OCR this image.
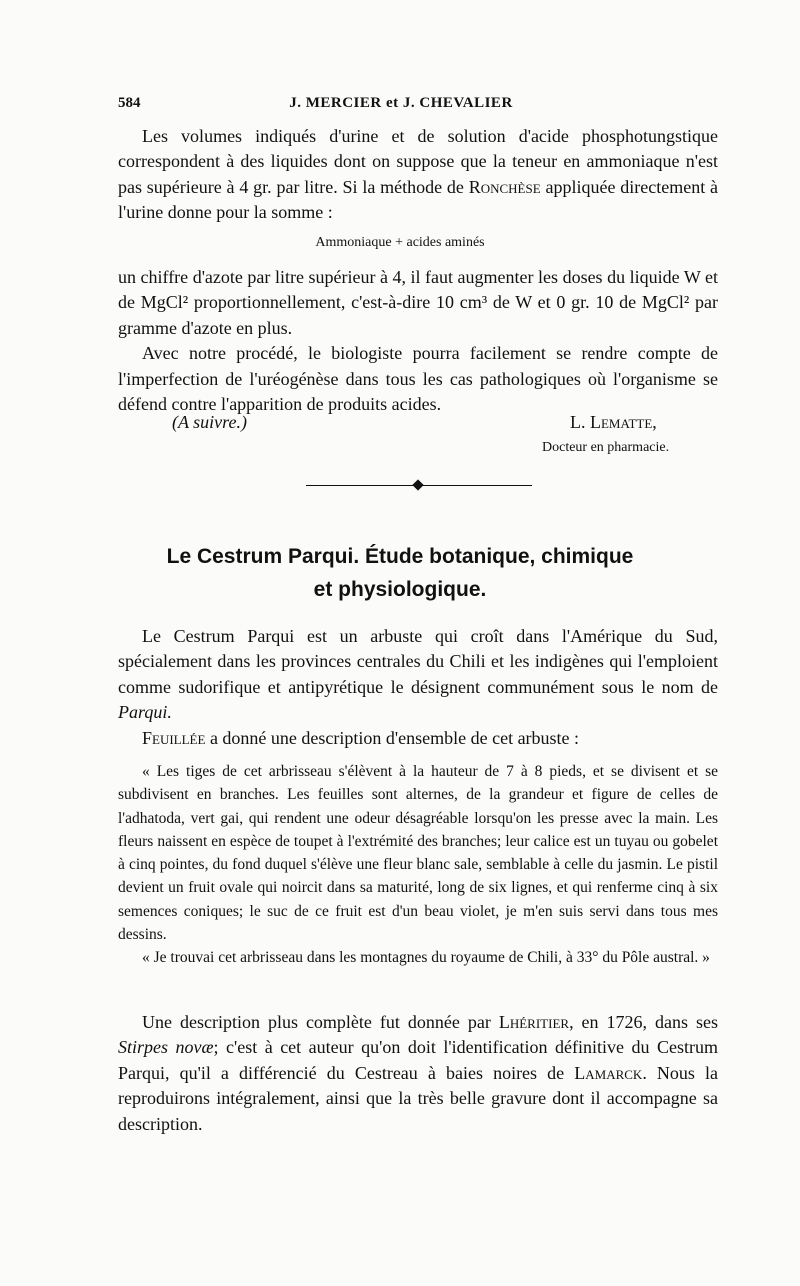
584	J. MERCIER et J. CHEVALIER

Les volumes indiqués d'urine et de solution d'acide phosphotungstique correspondent à des liquides dont on suppose que la teneur en ammoniaque n'est pas supérieure à 4 gr. par litre. Si la méthode de Ronchèse appliquée directement à l'urine donne pour la somme :

Ammoniaque + acides aminés

un chiffre d'azote par litre supérieur à 4, il faut augmenter les doses du liquide W et de MgCl² proportionnellement, c'est-à-dire 10 cm³ de W et 0 gr. 10 de MgCl² par gramme d'azote en plus.

Avec notre procédé, le biologiste pourra facilement se rendre compte de l'imperfection de l'uréogénèse dans tous les cas pathologiques où l'organisme se défend contre l'apparition de produits acides.

(A suivre.)	L. Lematte,
Docteur en pharmacie.
Le Cestrum Parqui. Étude botanique, chimique
et physiologique.

Le Cestrum Parqui est un arbuste qui croît dans l'Amérique du Sud, spécialement dans les provinces centrales du Chili et les indigènes qui l'emploient comme sudorifique et antipyrétique le désignent communément sous le nom de Parqui.

Feuillée a donné une description d'ensemble de cet arbuste :

« Les tiges de cet arbrisseau s'élèvent à la hauteur de 7 à 8 pieds, et se divisent et se subdivisent en branches. Les feuilles sont alternes, de la grandeur et figure de celles de l'adhatoda, vert gai, qui rendent une odeur désagréable lorsqu'on les presse avec la main. Les fleurs naissent en espèce de toupet à l'extrémité des branches; leur calice est un tuyau ou gobelet à cinq pointes, du fond duquel s'élève une fleur blanc sale, semblable à celle du jasmin. Le pistil devient un fruit ovale qui noircit dans sa maturité, long de six lignes, et qui renferme cinq à six semences coniques; le suc de ce fruit est d'un beau violet, je m'en suis servi dans tous mes dessins.

« Je trouvai cet arbrisseau dans les montagnes du royaume de Chili, à 33° du Pôle austral. »

Une description plus complète fut donnée par Lhéritier, en 1726, dans ses Stirpes novæ; c'est à cet auteur qu'on doit l'identification définitive du Cestrum Parqui, qu'il a différencié du Cestreau à baies noires de Lamarck. Nous la reproduirons intégralement, ainsi que la très belle gravure dont il accompagne sa description.
